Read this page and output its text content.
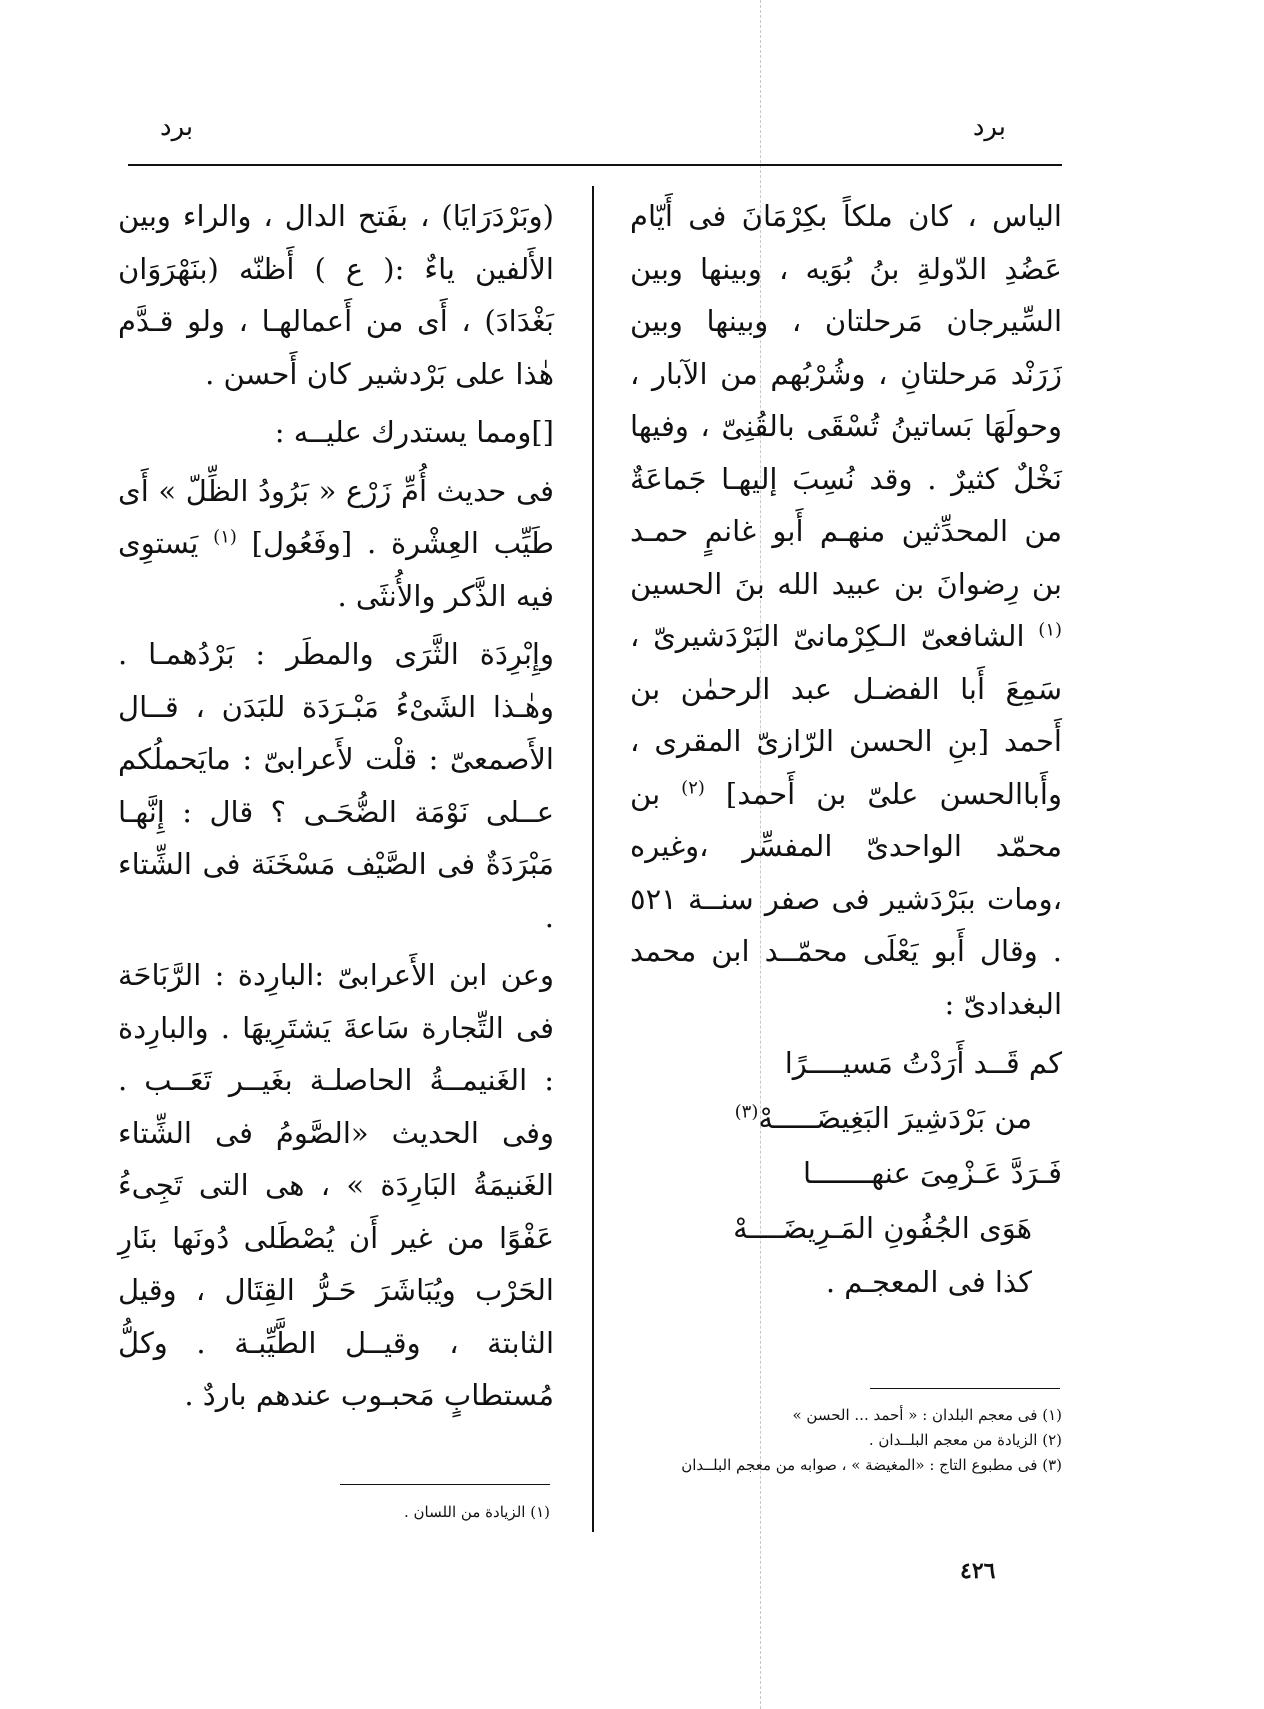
برد
برد

الياس ، كان ملكاً بكِرْمَانَ فى أَيّام عَضُدِ الدّولةِ بنُ بُوَيه ، وبينها وبين السِّيرجان مَرحلتان ، وبينها وبين زَرَنْد مَرحلتانِ ، وشُرْبُهم من الآبار ، وحولَهَا بَساتينُ تُسْقَى بالقُنِىّ ، وفيها نَخْلٌ كثيرٌ . وقد نُسِبَ إليهـا جَماعَةٌ من المحدِّثين منهـم أَبو غانمٍ حمـد بن رِضوانَ بن عبيد الله بنَ الحسين $^{(١)}$ الشافعىّ الـكِرْمانىّ البَرْدَشيرىّ ، سَمِعَ أَبا الفضـل عبد الرحمٰن بن أَحمد [بنِ الحسن الرّازىّ المقرى ، وأَباالحسن علىّ بن أَحمد] $^{(٢)}$ بن محمّد الواحدىّ المفسِّر ،وغيره ،ومات ببَرْدَشير فى صفر سنــة ٥٢١ . وقال أَبو يَعْلَى محمّــد ابن محمد البغدادىّ :

كم قَــد أَرَدْتُ مَسيــــرًا
من بَرْدَشِيرَ البَغِيضَـــــهْ$^{(٣)}$
فَـرَدَّ عَـزْمِىَ عنهـــــــا
هَوَى الجُفُونِ المَـرِيضَــــهْ

كذا فى المعجـم .

(١) فى معجم البلدان : « أحمد ... الحسن »
(٢) الزيادة من معجم البلــدان .
(٣) فى مطبوع التاج : «المغيضة » ، صوابه من معجم البلــدان

(وبَرْدَرَايَا) ، بفَتح الدال ، والراء وبين الأَلفين ياءٌ :( ع ) أَظنّه (بنَهْرَوَان بَغْدَادَ) ، أَى من أَعمالهـا ، ولو قـدَّم هٰذا على بَرْدشير كان أَحسن .

[]ومما يستدرك عليــه :

فى حديث أُمِّ زَرْع « بَرُودُ الظِّلّ » أَى طَيِّب العِشْرة . [وفَعُول] $^{(١)}$ يَستوِى فيه الذَّكر والأُنثَى .

وإِبْرِدَة الثَّرَى والمطَر : بَرْدُهمـا . وهٰـذا الشَىْءُ مَبْـرَدَة للبَدَن ، قــال الأَصمعىّ : قلْت لأَعرابىّ : مايَحملُكم عــلى نَوْمَة الضُّحَـى ؟ قال : إِنَّهـا مَبْرَدَةٌ فى الصَّيْف مَسْخَنَة فى الشِّتاء .

وعن ابن الأَعرابىّ :البارِدة : الرَّبَاحَة فى التِّجارة سَاعةَ يَشتَرِيهَا . والبارِدة : الغَنيمــةُ الحاصلـة بغَيــر تَعَــب . وفى الحديث «الصَّومُ فى الشِّتاء الغَنيمَةُ البَارِدَة » ، هى التى تَجِىءُ عَفْوًا من غير أَن يُصْطَلى دُونَها بنَارِ الحَرْب ويُبَاشَرَ حَـرُّ القِتَال ، وقيل الثابتة ، وقيــل الطَّيِّبـة . وكلُّ مُستطابٍ مَحبـوب عندهم باردٌ .

(١) الزيادة من اللسان .
٤٢٦
